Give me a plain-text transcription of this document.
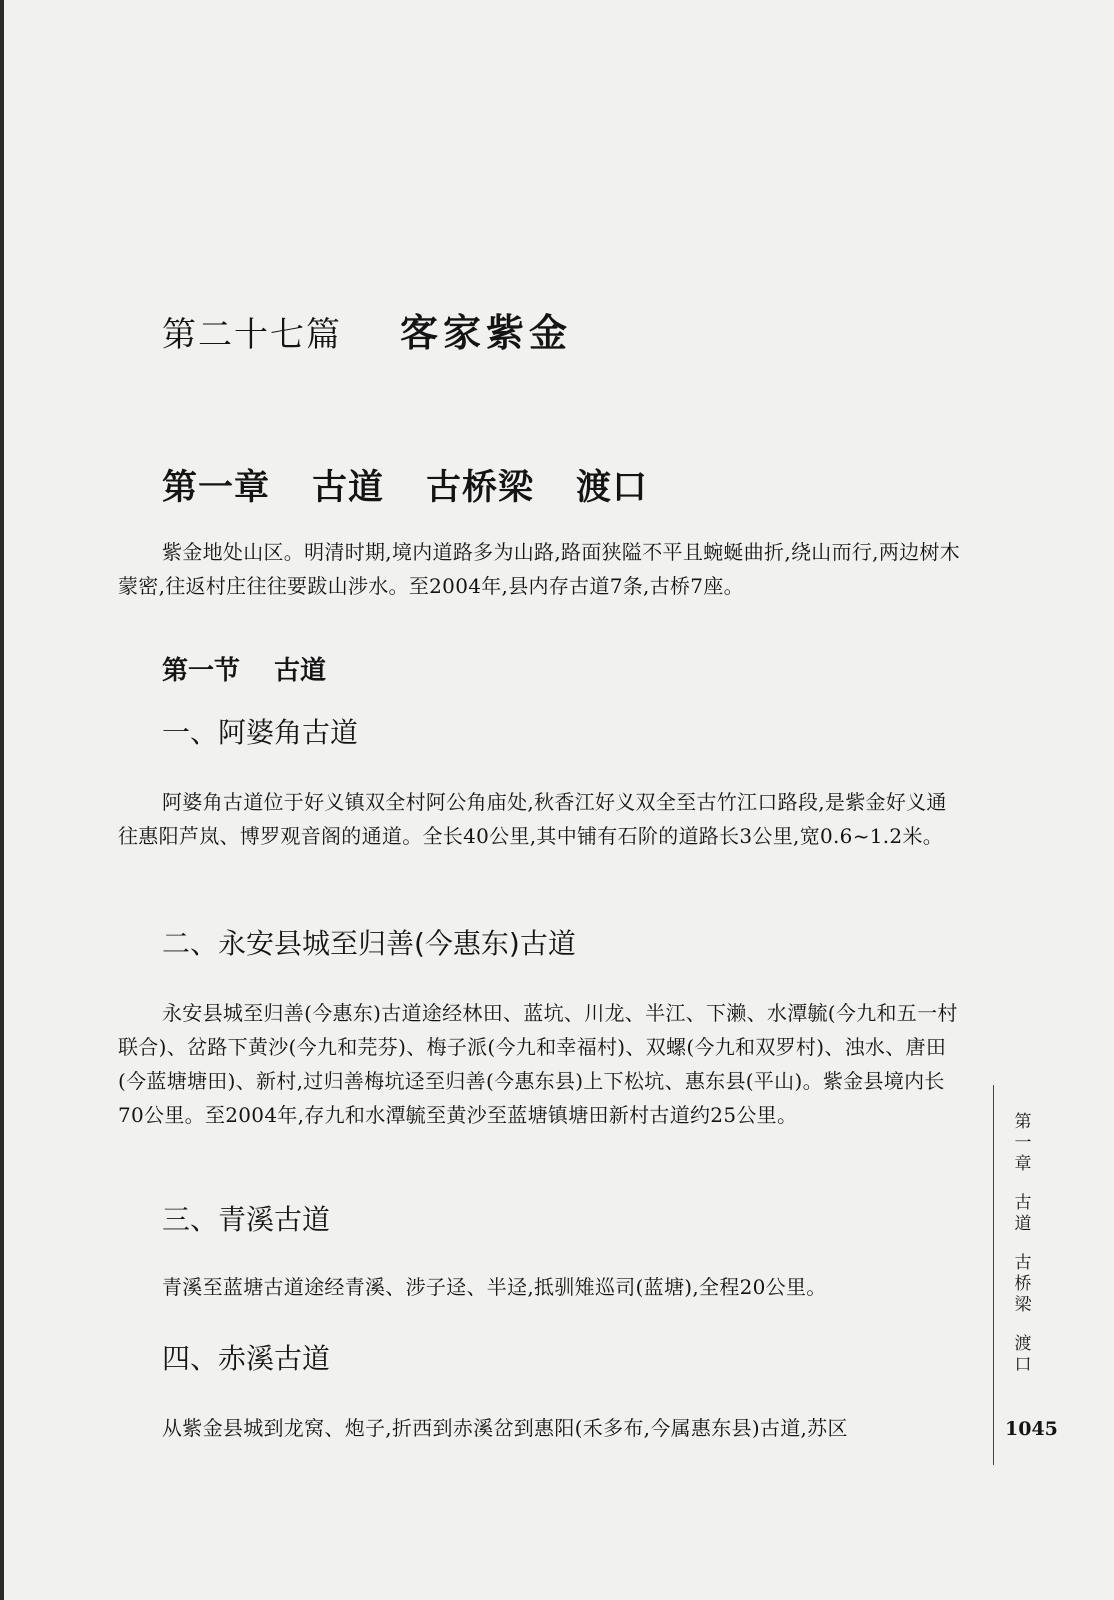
第二十七篇 客家紫金
第一章 古道 古桥梁 渡口

紫金地处山区。明清时期,境内道路多为山路,路面狭隘不平且蜿蜒曲折,绕山而行,两边树木蒙密,往返村庄往往要跋山涉水。至2004年,县内存古道7条,古桥7座。

第一节 古道
一、阿婆角古道

阿婆角古道位于好义镇双全村阿公角庙处,秋香江好义双全至古竹江口路段,是紫金好义通往惠阳芦岚、博罗观音阁的通道。全长40公里,其中铺有石阶的道路长3公里,宽0.6~1.2米。

二、永安县城至归善(今惠东)古道

永安县城至归善(今惠东)古道途经林田、蓝坑、川龙、半江、下濑、水潭毓(今九和五一村联合)、岔路下黄沙(今九和芫芬)、梅子派(今九和幸福村)、双螺(今九和双罗村)、浊水、唐田(今蓝塘塘田)、新村,过归善梅坑迳至归善(今惠东县)上下松坑、惠东县(平山)。紫金县境内长70公里。至2004年,存九和水潭毓至黄沙至蓝塘镇塘田新村古道约25公里。

三、青溪古道

青溪至蓝塘古道途经青溪、涉子迳、半迳,抵驯雉巡司(蓝塘),全程20公里。

四、赤溪古道

从紫金县城到龙窝、炮子,折西到赤溪岔到惠阳(禾多布,今属惠东县)古道,苏区

第
一
章
古
道
古
桥
梁
渡
口

1045
